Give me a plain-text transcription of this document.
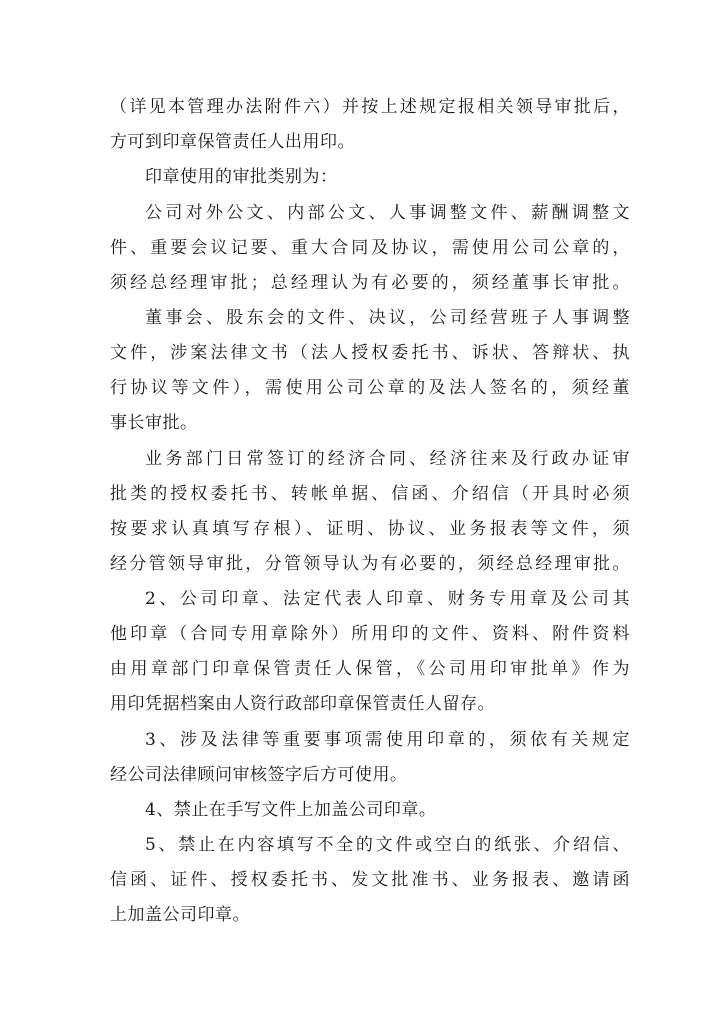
（详见本管理办法附件六）并按上述规定报相关领导审批后，
方可到印章保管责任人出用印。
印章使用的审批类别为：
公司对外公文、内部公文、人事调整文件、薪酬调整文
件、重要会议记要、重大合同及协议，需使用公司公章的，
须经总经理审批；总经理认为有必要的，须经董事长审批。
董事会、股东会的文件、决议，公司经营班子人事调整
文件，涉案法律文书（法人授权委托书、诉状、答辩状、执
行协议等文件），需使用公司公章的及法人签名的，须经董
事长审批。
业务部门日常签订的经济合同、经济往来及行政办证审
批类的授权委托书、转帐单据、信函、介绍信（开具时必须
按要求认真填写存根）、证明、协议、业务报表等文件，须
经分管领导审批，分管领导认为有必要的，须经总经理审批。
2、公司印章、法定代表人印章、财务专用章及公司其
他印章（合同专用章除外）所用印的文件、资料、附件资料
由用章部门印章保管责任人保管，《公司用印审批单》作为
用印凭据档案由人资行政部印章保管责任人留存。
3、涉及法律等重要事项需使用印章的，须依有关规定
经公司法律顾问审核签字后方可使用。
4、禁止在手写文件上加盖公司印章。
5、禁止在内容填写不全的文件或空白的纸张、介绍信、
信函、证件、授权委托书、发文批准书、业务报表、邀请函
上加盖公司印章。
